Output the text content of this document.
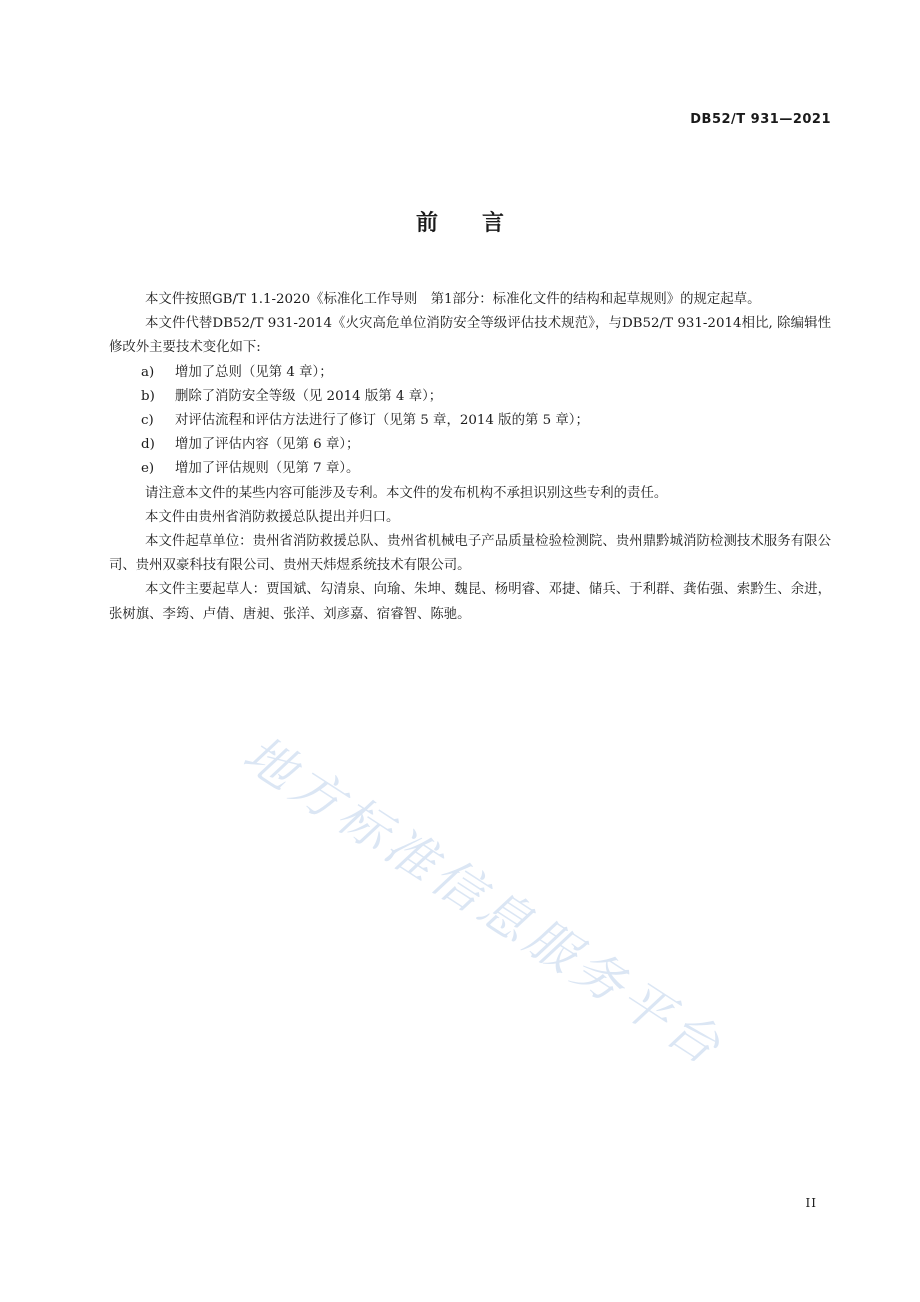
DB52/T 931—2021
前言

本文件按照GB/T 1.1-2020《标准化工作导则　第1部分：标准化文件的结构和起草规则》的规定起草。

本文件代替DB52/T 931-2014《火灾高危单位消防安全等级评估技术规范》，与DB52/T 931-2014相比, 除编辑性修改外主要技术变化如下:

a) 增加了总则（见第 4 章）；

b) 删除了消防安全等级（见 2014 版第 4 章）；

c) 对评估流程和评估方法进行了修订（见第 5 章，2014 版的第 5 章）；

d) 增加了评估内容（见第 6 章）；

e) 增加了评估规则（见第 7 章）。

请注意本文件的某些内容可能涉及专利。本文件的发布机构不承担识别这些专利的责任。

本文件由贵州省消防救援总队提出并归口。

本文件起草单位：贵州省消防救援总队、贵州省机械电子产品质量检验检测院、贵州鼎黔城消防检测技术服务有限公司、贵州双豪科技有限公司、贵州天炜煜系统技术有限公司。

本文件主要起草人：贾国斌、勾清泉、向瑜、朱坤、魏昆、杨明睿、邓捷、储兵、于利群、龚佑强、索黔生、余进，张树旗、李筠、卢倩、唐昶、张洋、刘彦嘉、宿睿智、陈驰。

地方标准信息服务平台
II
